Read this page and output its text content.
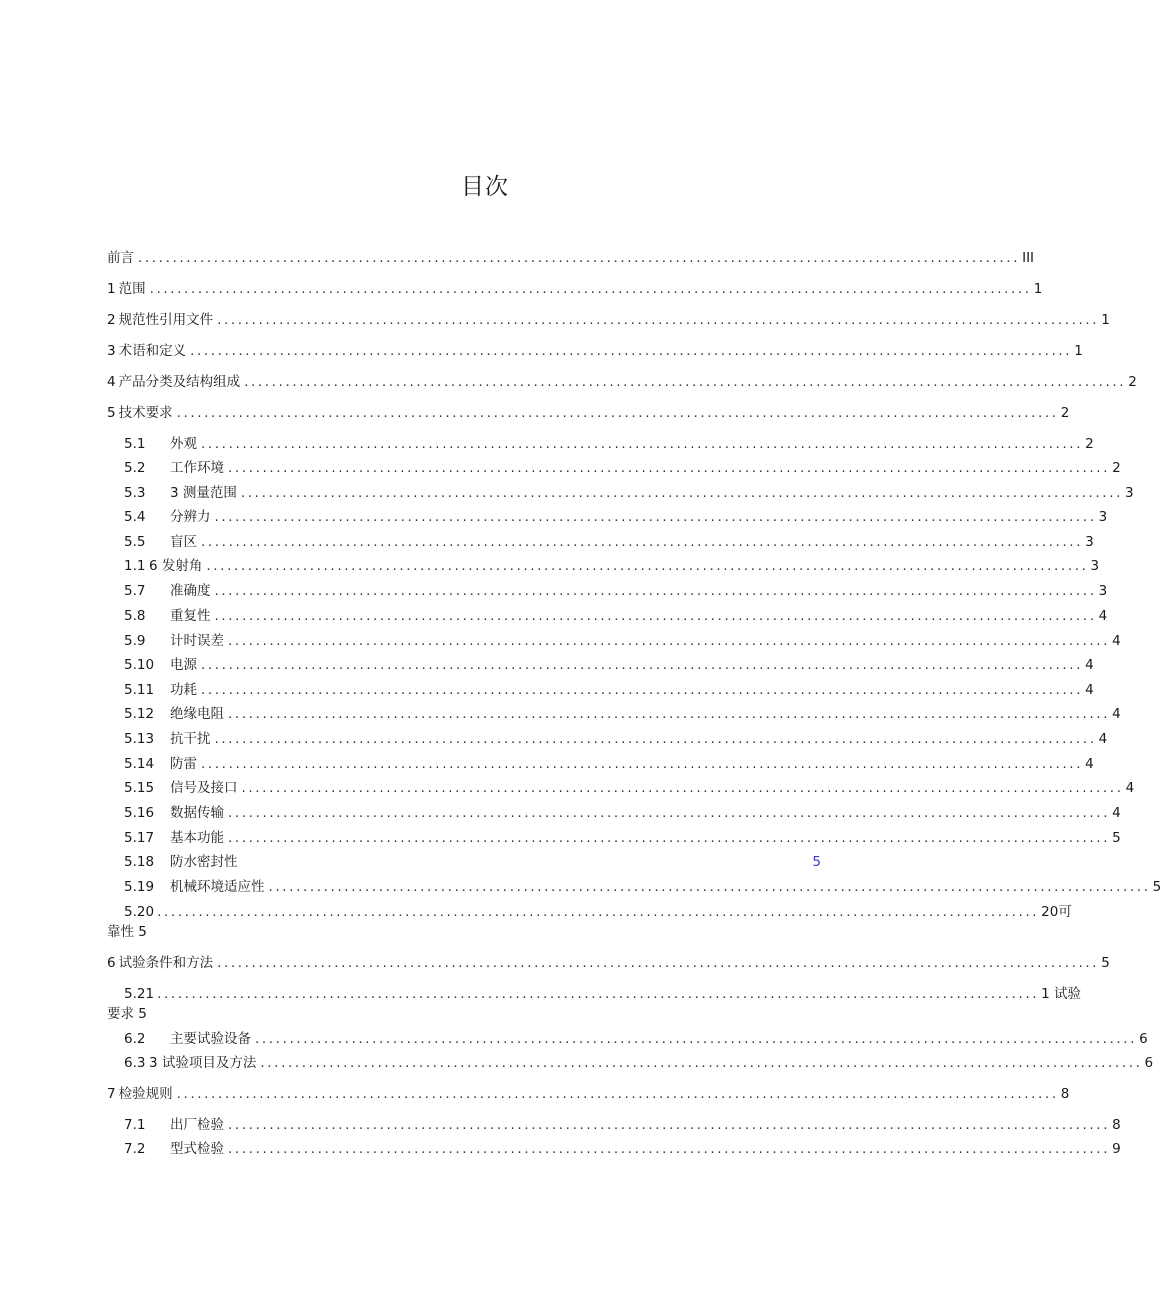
目次
前言 ................................................................................................................................ III
1 范围 ................................................................................................................................ 1
2 规范性引用文件 ................................................................................................................................ 1
3 术语和定义 ................................................................................................................................ 1
4 产品分类及结构组成 ................................................................................................................................ 2
5 技术要求 ................................................................................................................................ 2
5.1	外观 ................................................................................................................................ 2
5.2	工作环境 ................................................................................................................................ 2
5.3	3 测量范围 ................................................................................................................................ 3
5.4	分辨力 ................................................................................................................................ 3
5.5	盲区 ................................................................................................................................ 3
1.1 6 发射角 ................................................................................................................................ 3
5.7	准确度 ................................................................................................................................ 3
5.8	重复性 ................................................................................................................................ 4
5.9	计时误差 ................................................................................................................................ 4
5.10	电源 ................................................................................................................................ 4
5.11	功耗 ................................................................................................................................ 4
5.12	绝缘电阻 ................................................................................................................................ 4
5.13	抗干扰 ................................................................................................................................ 4
5.14	防雷 ................................................................................................................................ 4
5.15	信号及接口 ................................................................................................................................ 4
5.16	数据传输 ................................................................................................................................ 4
5.17	基本功能 ................................................................................................................................ 5
5.18	防水密封性	5
5.19	机械环境适应性 ................................................................................................................................ 5
5.20 ................................................................................................................................ 20 可
靠性 5
6 试验条件和方法 ................................................................................................................................ 5
5.21 ................................................................................................................................ 1 试验
要求 5
6.2	主要试验设备 ................................................................................................................................ 6
6.3 3 试验项目及方法 ................................................................................................................................ 6
7 检验规则 ................................................................................................................................ 8
7.1	出厂检验 ................................................................................................................................ 8
7.2	型式检验 ................................................................................................................................ 9
